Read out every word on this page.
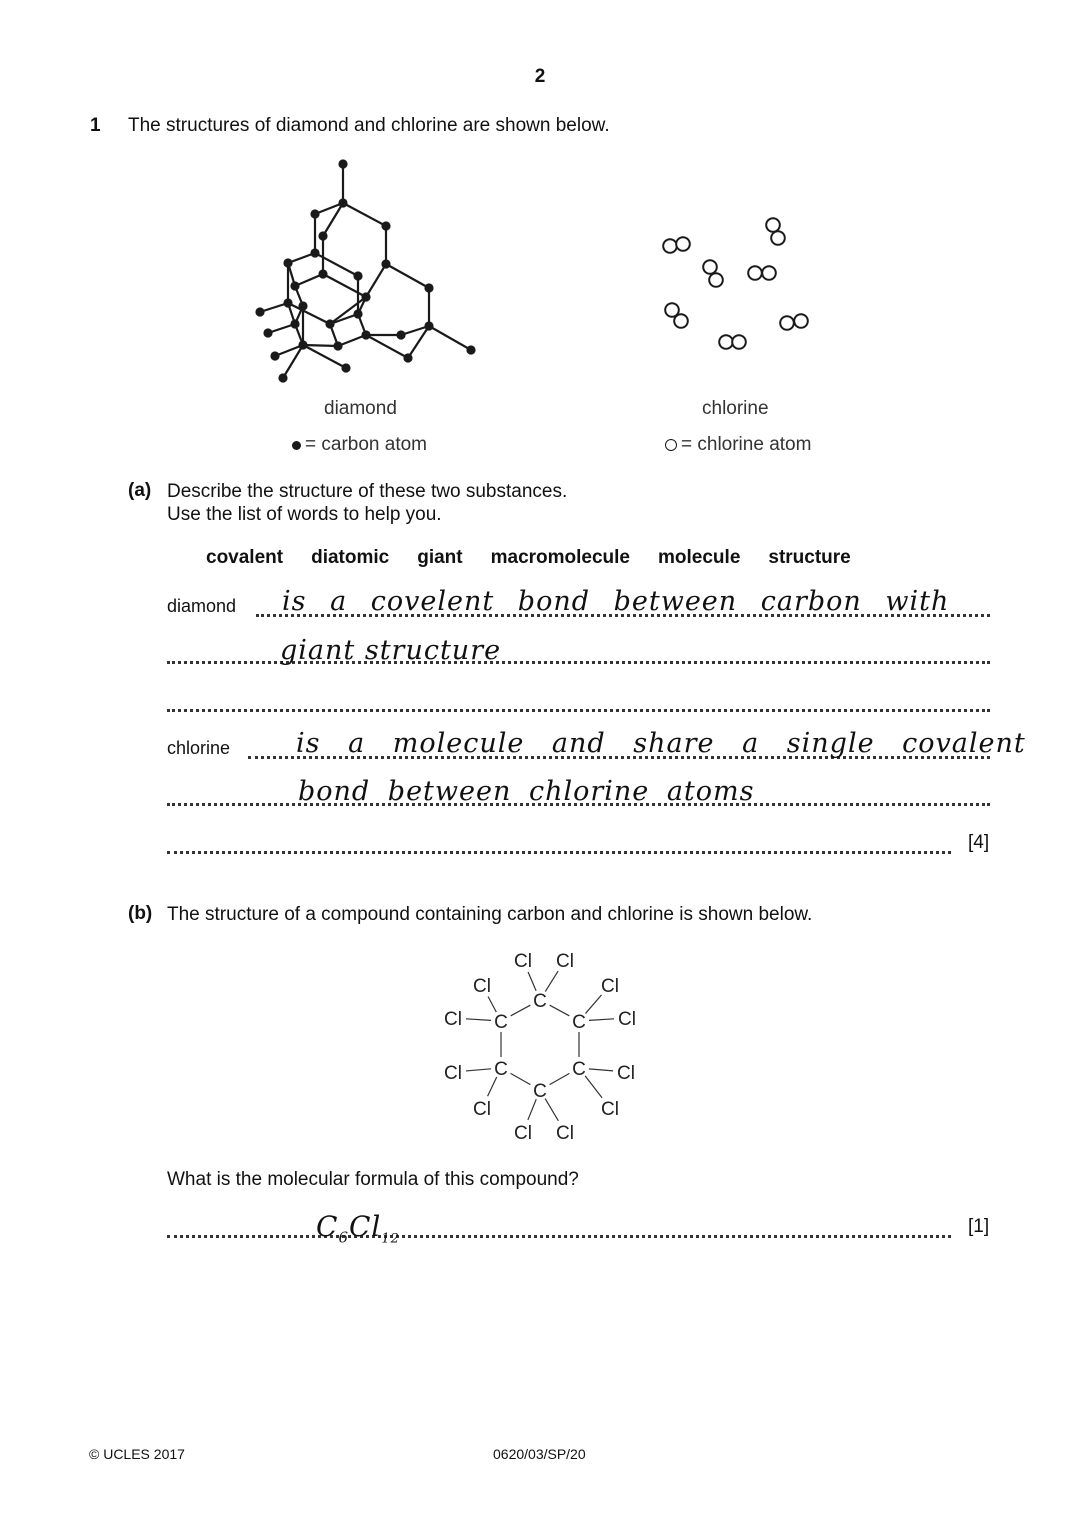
2
1 The structures of diamond and chlorine are shown below.
diamond	chlorine
= carbon atom	= chlorine atom
(a) Describe the structure of these two substances.
Use the list of words to help you.
covalent diatomic giant macromolecule molecule structure
diamond is a covelent bond between carbon with
giant structure
chlorine is a molecule and share a single covalent
bond between chlorine atoms
[4]
(b) The structure of a compound containing carbon and chlorine is shown below.
Cl Cl
C
Cl
Cl
C
Cl
Cl
C
Cl
Cl
C
Cl
Cl C
Cl
Cl
C
What is the molecular formula of this compound?
$C_6Cl_{12}$
[1]
© UCLES 2017	0620/03/SP/20
